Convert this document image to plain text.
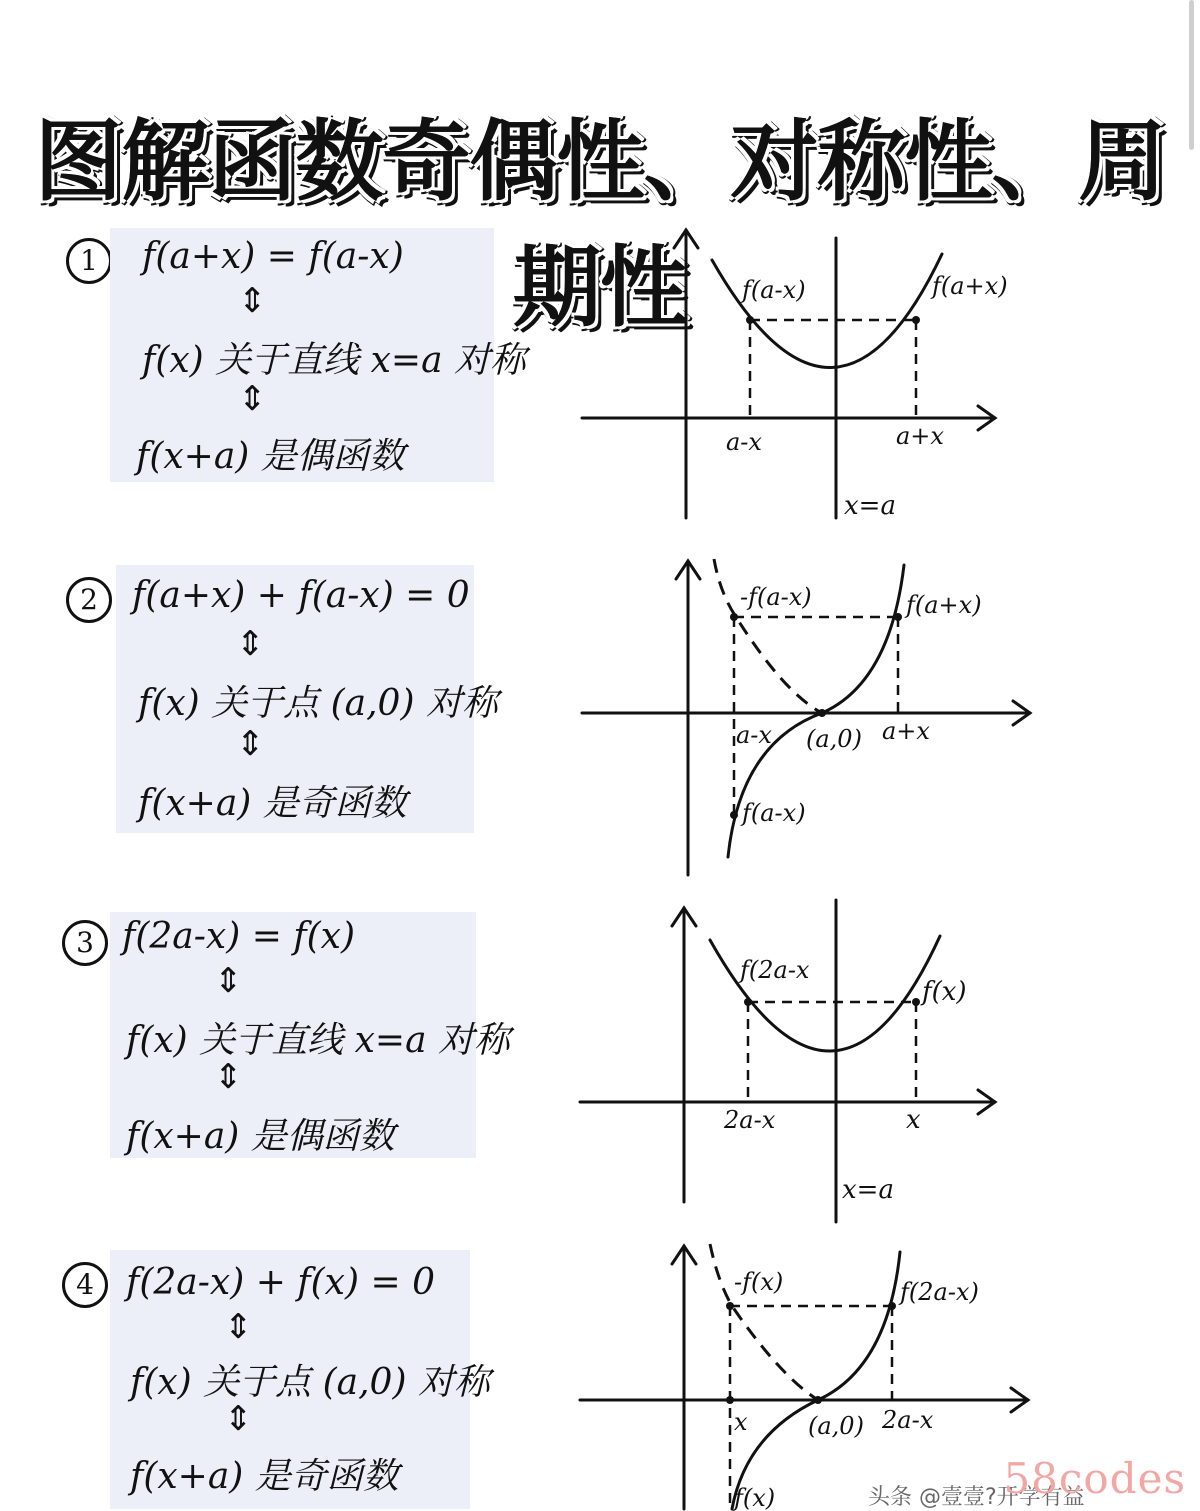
图解函数奇偶性、对称性、周期性
1	f(a+x) = f(a-x)
⇕
f(x) 关于直线 x=a 对称
⇕
f(x+a) 是偶函数
f(a-x)	f(a+x)
a-x	a+x
x=a
2 f(a+x) + f(a-x) = 0
⇕
f(x) 关于点 (a,0) 对称
⇕
f(x+a) 是奇函数
-f(a-x)	f(a+x)
a-x (a,0) a+x
f(a-x)
3 f(2a-x) = f(x)
⇕
f(x) 关于直线 x=a 对称
⇕
f(x+a) 是偶函数
f(2a-x
f(x)
2a-x	x
x=a
4 f(2a-x) + f(x) = 0
⇕
f(x) 关于点 (a,0) 对称
⇕
f(x+a) 是奇函数
-f(x)	f(2a-x)
x	(a,0) 2a-x
f(x)	头条 @壹壹?开学有益
58codes
